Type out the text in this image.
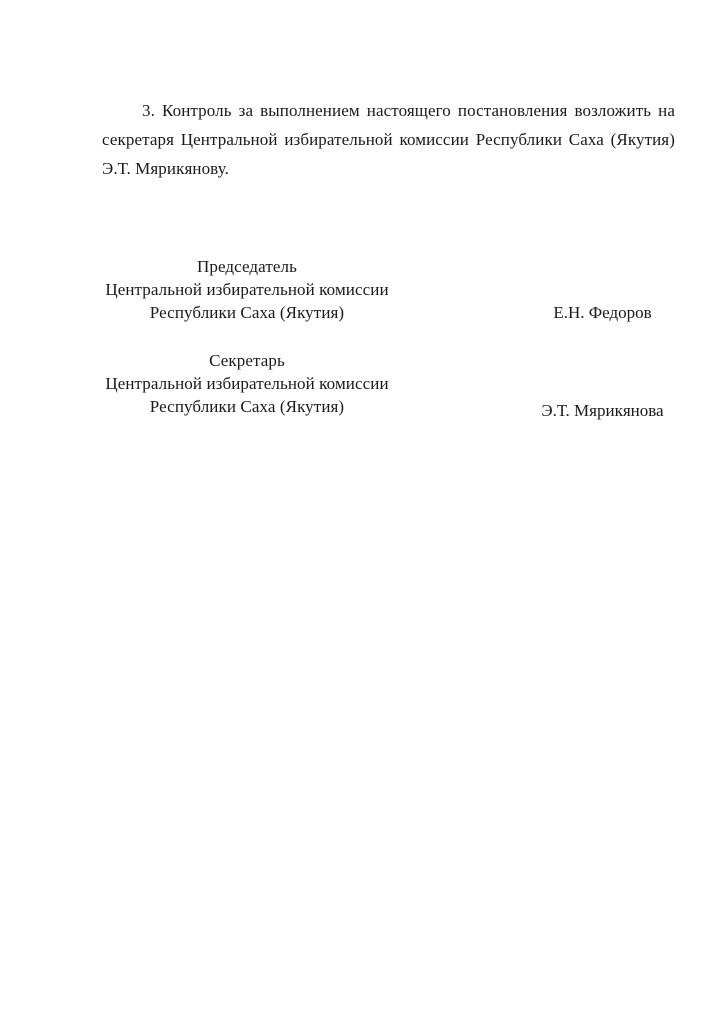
3. Контроль за выполнением настоящего постановления возложить на секретаря Центральной избирательной комиссии Республики Саха (Якутия) Э.Т. Мярикянову.

Председатель
Центральной избирательной комиссии
Республики Саха (Якутия)	Е.Н. Федоров
Секретарь
Центральной избирательной комиссии
Республики Саха (Якутия)	Э.Т. Мярикянова
